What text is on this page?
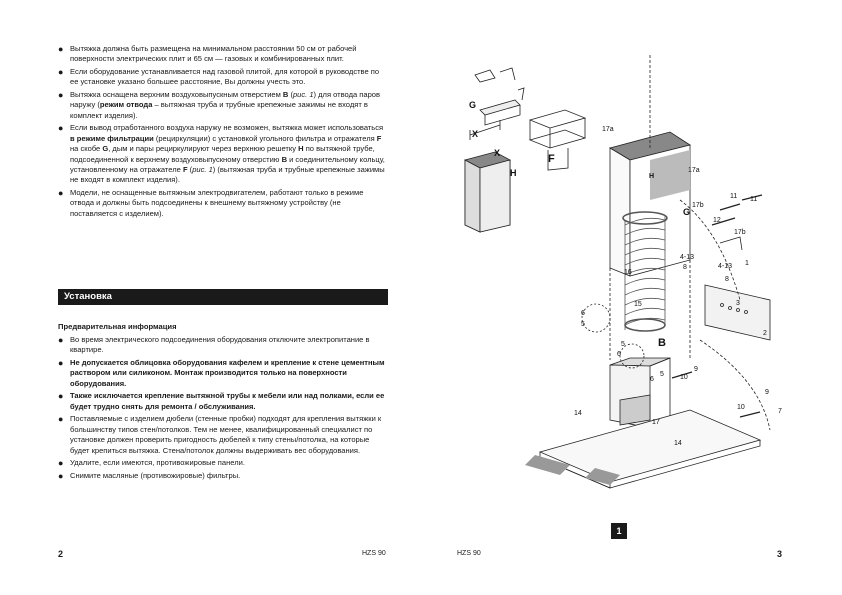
● Вытяжка должна быть размещена на минимальном расстоянии 50 см от рабочей поверхности электрических плит и 65 см — газовых и комбинированных плит.

● Если оборудование устанавливается над газовой плитой, для которой в руководстве по ее установке указано большее расстояние, Вы должны учесть это.

● Вытяжка оснащена верхним воздуховыпускным отверстием B (рис. 1) для отвода паров наружу (режим отвода – вытяжная труба и трубные крепежные зажимы не входят в комплект изделия).

● Если вывод отработанного воздуха наружу не возможен, вытяжка может использоваться в режиме фильтрации (рециркуляции) с установкой угольного фильтра и отражателя F на скобе G, дым и пары рециркулируют через верхнюю решетку H по вытяжной трубе, подсоединенной к верхнему воздуховыпускному отверстию B и соединительному кольцу, установленному на отражателе F (рис. 1) (вытяжная труба и трубные крепежные зажимы не входят в комплект изделия).

● Модели, не оснащенные вытяжным электродвигателем, работают только в режиме отвода и должны быть подсоединены к внешнему вытяжному устройству (не поставляется с изделием).

Установка
Предварительная информация

● Во время электрического подсоединения оборудования отключите электропитание в квартире.

● Не допускается облицовка оборудования кафелем и крепление к стене цементным раствором или силиконом. Монтаж производится только на поверхности оборудования.

● Также исключается крепление вытяжной трубы к мебели или над полками, если ее будет трудно снять для ремонта / обслуживания.

● Поставляемые с изделием дюбели (стенные пробки) подходят для крепления вытяжки к большинству типов стен/потолков. Тем не менее, квалифицированный специалист по установке должен проверить пригодность дюбелей к типу стены/потолка, на которые будет крепиться вытяжка. Стена/потолок должны выдерживать вес оборудования.

● Удалите, если имеются, противожировые панели.

● Снимите масляные (противожировые) фильтры.

2	HZS 90	HZS 90	3
1
G
X
X
H
F
B
G
H
17a
17a
17b
17b
11 11
12
1
4-13
4-13
8
8
3
2
9
9
10
10
7
5
5
6
6
6
5
14
14
15
16
17
